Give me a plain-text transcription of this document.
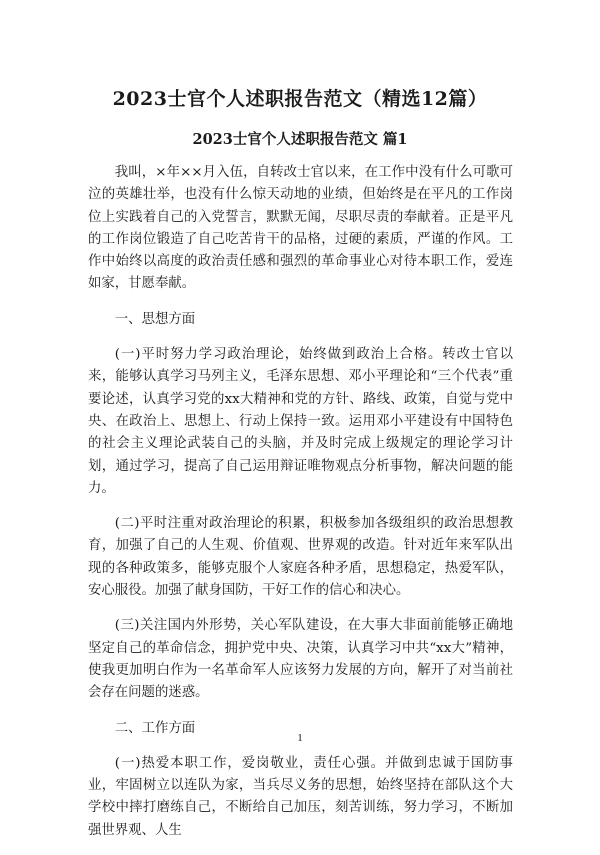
2023士官个人述职报告范文（精选12篇）
2023士官个人述职报告范文 篇1

我叫，×年××月入伍，自转改士官以来，在工作中没有什么可歌可泣的英雄壮举，也没有什么惊天动地的业绩，但始终是在平凡的工作岗位上实践着自己的入党誓言，默默无闻，尽职尽责的奉献着。正是平凡的工作岗位锻造了自己吃苦肯干的品格，过硬的素质，严谨的作风。工作中始终以高度的政治责任感和强烈的革命事业心对待本职工作，爱连如家，甘愿奉献。

一、思想方面

(一)平时努力学习政治理论，始终做到政治上合格。转改士官以来，能够认真学习马列主义，毛泽东思想、邓小平理论和“三个代表”重要论述，认真学习党的xx大精神和党的方针、路线、政策，自觉与党中央、在政治上、思想上、行动上保持一致。运用邓小平建设有中国特色的社会主义理论武装自己的头脑，并及时完成上级规定的理论学习计划，通过学习，提高了自己运用辩证唯物观点分析事物，解决问题的能力。

(二)平时注重对政治理论的积累，积极参加各级组织的政治思想教育，加强了自己的人生观、价值观、世界观的改造。针对近年来军队出现的各种政策多，能够克服个人家庭各种矛盾，思想稳定，热爱军队，安心服役。加强了献身国防，干好工作的信心和决心。

(三)关注国内外形势，关心军队建设，在大事大非面前能够正确地坚定自己的革命信念，拥护党中央、决策，认真学习中共“xx大”精神，使我更加明白作为一名革命军人应该努力发展的方向，解开了对当前社会存在问题的迷惑。

二、工作方面

(一)热爱本职工作，爱岗敬业，责任心强。并做到忠诚于国防事业，牢固树立以连队为家，当兵尽义务的思想，始终坚持在部队这个大学校中摔打磨练自己，不断给自己加压，刻苦训练，努力学习，不断加强世界观、人生

1
